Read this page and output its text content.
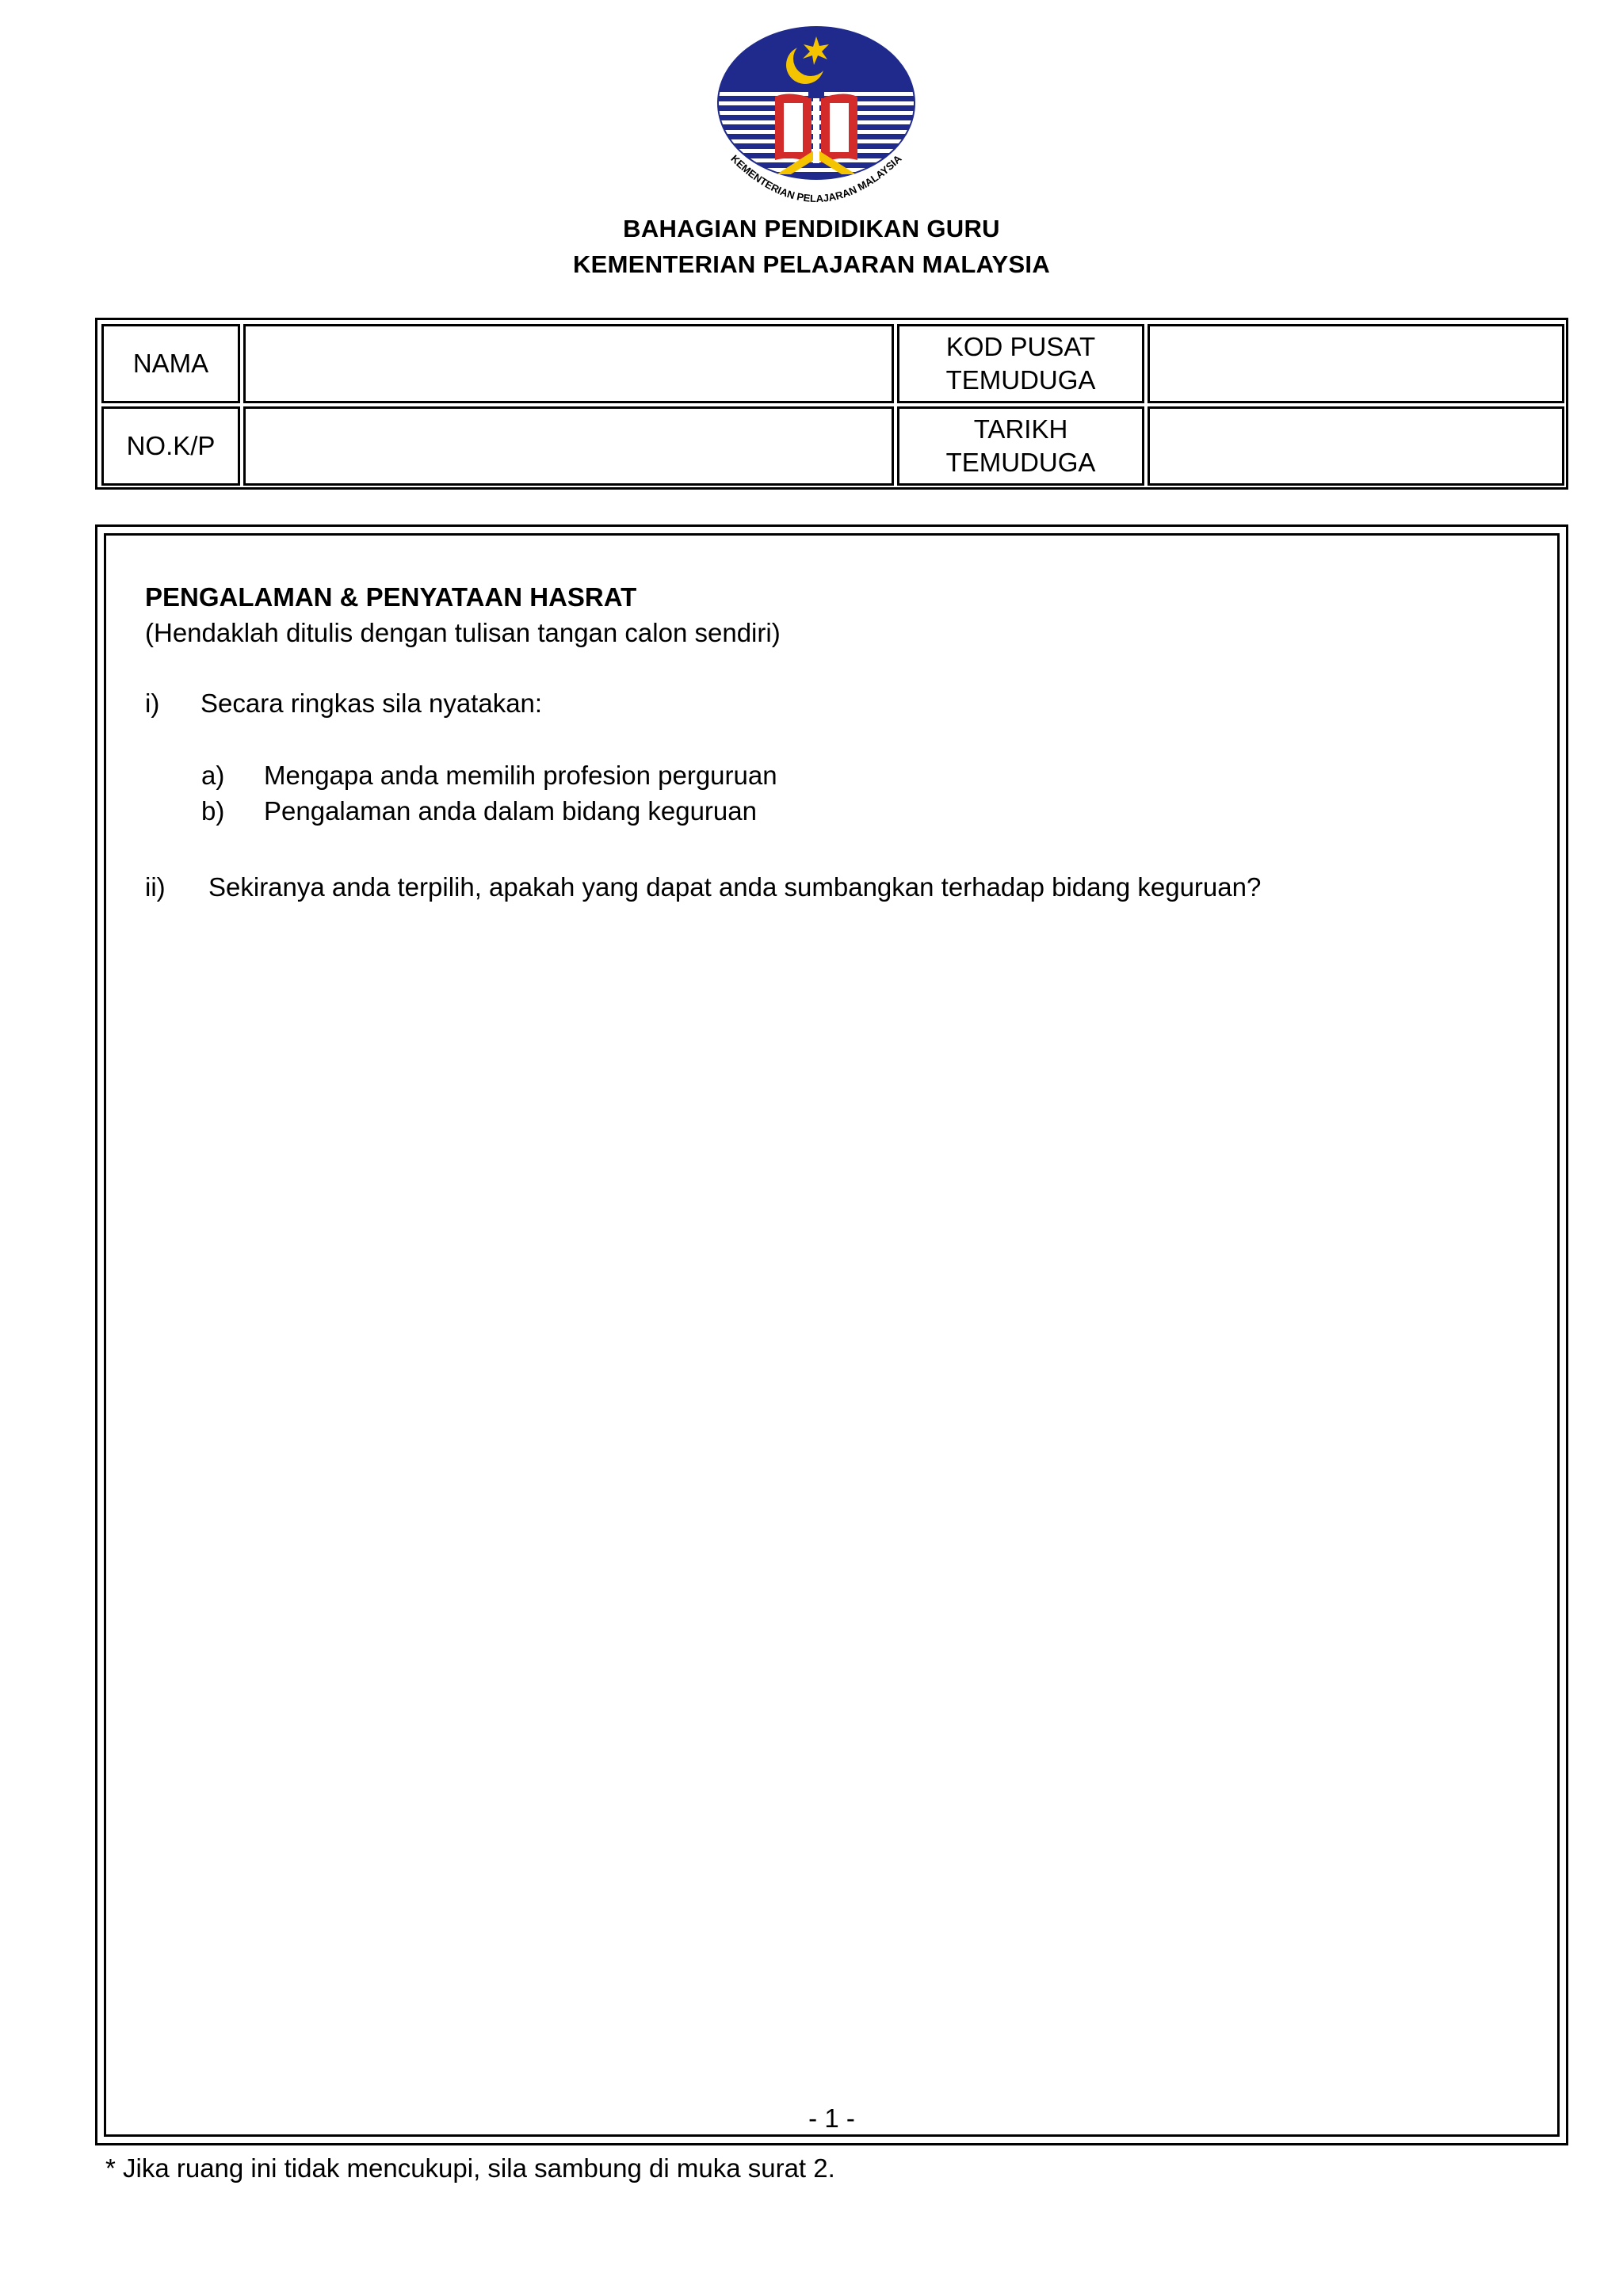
KEMENTERIAN PELAJARAN MALAYSIA
BAHAGIAN PENDIDIKAN GURU
KEMENTERIAN PELAJARAN MALAYSIA
NAMA
KOD PUSAT
TEMUDUGA
NO.K/P
TARIKH
TEMUDUGA
PENGALAMAN & PENYATAAN HASRAT
(Hendaklah ditulis dengan tulisan tangan calon sendiri)
i) Secara ringkas sila nyatakan:
a) Mengapa anda memilih profesion perguruan
b) Pengalaman anda dalam bidang keguruan
ii) Sekiranya anda terpilih, apakah yang dapat anda sumbangkan terhadap bidang keguruan?
- 1 -
* Jika ruang ini tidak mencukupi, sila sambung di muka surat 2.
